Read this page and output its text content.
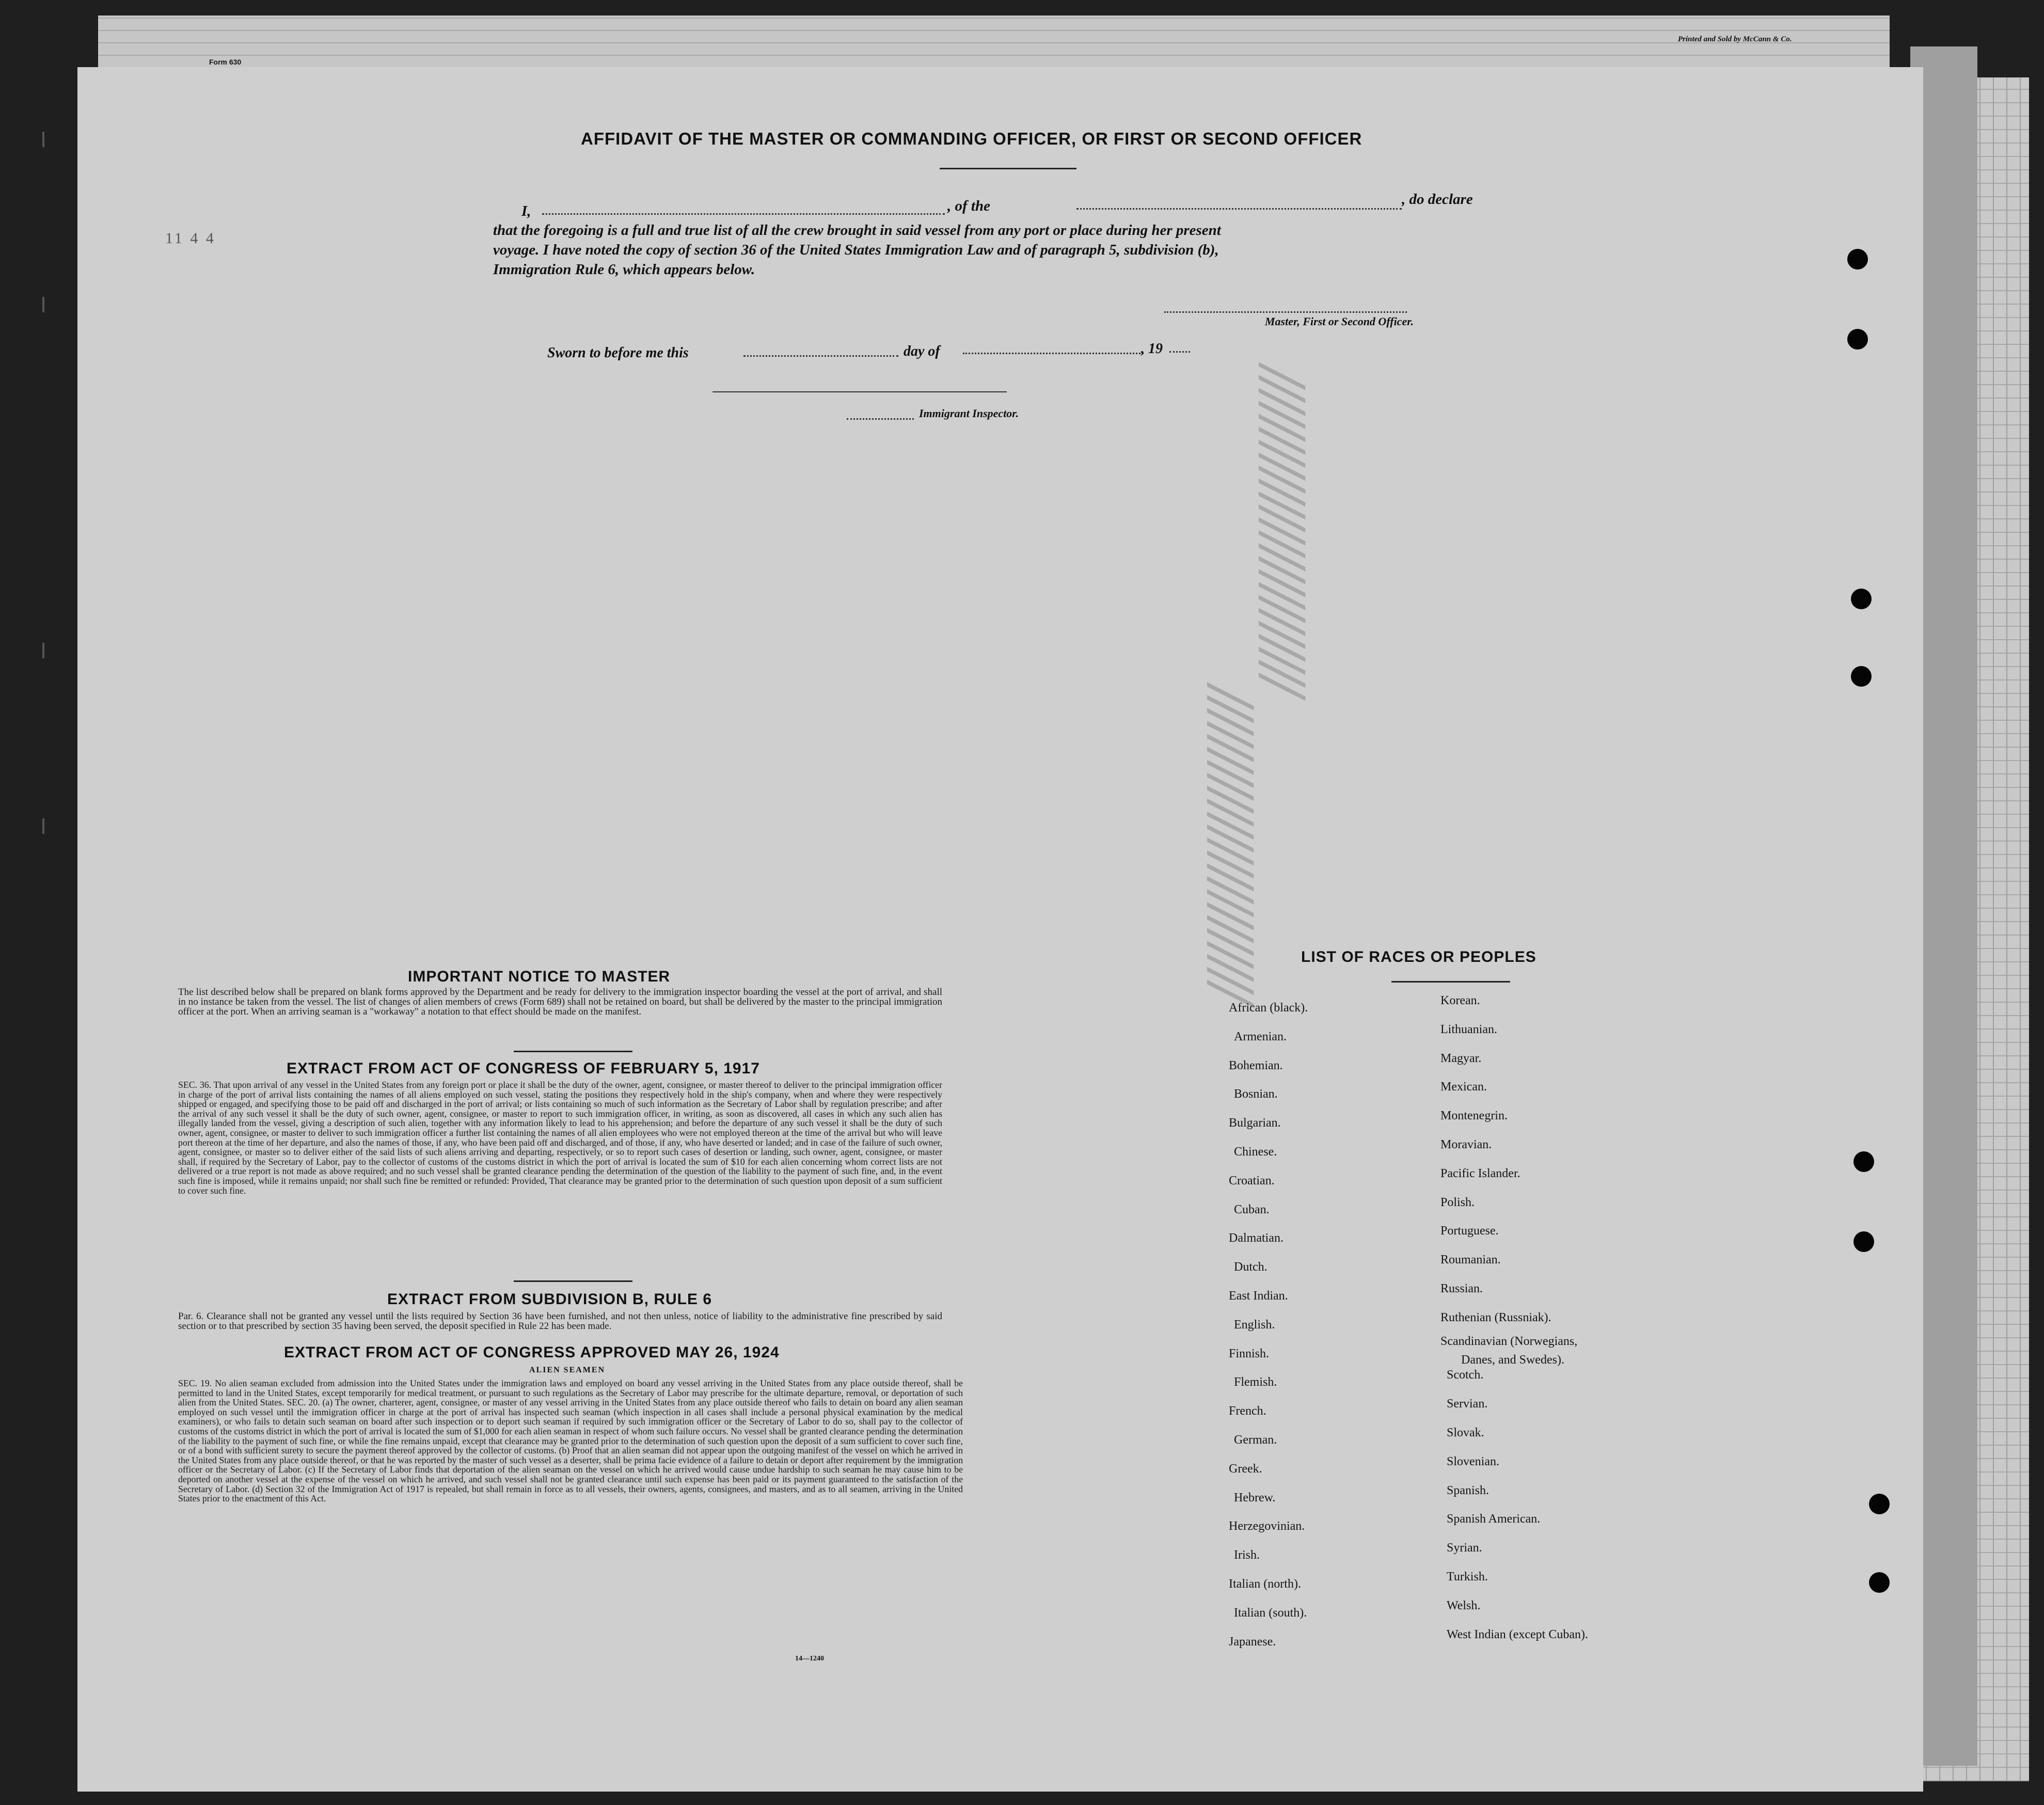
Form 630
Printed and Sold by McCann & Co.
AFFIDAVIT OF THE MASTER OR COMMANDING OFFICER, OR FIRST OR SECOND OFFICER
I,	, of the	, do declare
that the foregoing is a full and true list of all the crew brought in said vessel from any port or place during her present
voyage. I have noted the copy of section 36 of the United States Immigration Law and of paragraph 5, subdivision (b),
Immigration Rule 6, which appears below.
Master, First or Second Officer.
Sworn to before me this	day of	, 19
Immigrant Inspector.
11 4 4
/////////////////////////
////////////////////////
IMPORTANT NOTICE TO MASTER
The list described below shall be prepared on blank forms approved by the Department and be ready for delivery to the immigration inspector boarding the vessel at the port of arrival, and shall in no instance be taken from the vessel. The list of changes of alien members of crews (Form 689) shall not be retained on board, but shall be delivered by the master to the principal immigration officer at the port. When an arriving seaman is a "workaway" a notation to that effect should be made on the manifest.
EXTRACT FROM ACT OF CONGRESS OF FEBRUARY 5, 1917
SEC. 36. That upon arrival of any vessel in the United States from any foreign port or place it shall be the duty of the owner, agent, consignee, or master thereof to deliver to the principal immigration officer in charge of the port of arrival lists containing the names of all aliens employed on such vessel, stating the positions they respectively hold in the ship's company, when and where they were respectively shipped or engaged, and specifying those to be paid off and discharged in the port of arrival; or lists containing so much of such information as the Secretary of Labor shall by regulation prescribe; and after the arrival of any such vessel it shall be the duty of such owner, agent, consignee, or master to report to such immigration officer, in writing, as soon as discovered, all cases in which any such alien has illegally landed from the vessel, giving a description of such alien, together with any information likely to lead to his apprehension; and before the departure of any such vessel it shall be the duty of such owner, agent, consignee, or master to deliver to such immigration officer a further list containing the names of all alien employees who were not employed thereon at the time of the arrival but who will leave port thereon at the time of her departure, and also the names of those, if any, who have been paid off and discharged, and of those, if any, who have deserted or landed; and in case of the failure of such owner, agent, consignee, or master so to deliver either of the said lists of such aliens arriving and departing, respectively, or so to report such cases of desertion or landing, such owner, agent, consignee, or master shall, if required by the Secretary of Labor, pay to the collector of customs of the customs district in which the port of arrival is located the sum of $10 for each alien concerning whom correct lists are not delivered or a true report is not made as above required; and no such vessel shall be granted clearance pending the determination of the question of the liability to the payment of such fine, and, in the event such fine is imposed, while it remains unpaid; nor shall such fine be remitted or refunded: Provided, That clearance may be granted prior to the determination of such question upon deposit of a sum sufficient to cover such fine.
EXTRACT FROM SUBDIVISION B, RULE 6
Par. 6. Clearance shall not be granted any vessel until the lists required by Section 36 have been furnished, and not then unless, notice of liability to the administrative fine prescribed by said section or to that prescribed by section 35 having been served, the deposit specified in Rule 22 has been made.
EXTRACT FROM ACT OF CONGRESS APPROVED MAY 26, 1924
ALIEN SEAMEN
SEC. 19. No alien seaman excluded from admission into the United States under the immigration laws and employed on board any vessel arriving in the United States from any place outside thereof, shall be permitted to land in the United States, except temporarily for medical treatment, or pursuant to such regulations as the Secretary of Labor may prescribe for the ultimate departure, removal, or deportation of such alien from the United States. SEC. 20. (a) The owner, charterer, agent, consignee, or master of any vessel arriving in the United States from any place outside thereof who fails to detain on board any alien seaman employed on such vessel until the immigration officer in charge at the port of arrival has inspected such seaman (which inspection in all cases shall include a personal physical examination by the medical examiners), or who fails to detain such seaman on board after such inspection or to deport such seaman if required by such immigration officer or the Secretary of Labor to do so, shall pay to the collector of customs of the customs district in which the port of arrival is located the sum of $1,000 for each alien seaman in respect of whom such failure occurs. No vessel shall be granted clearance pending the determination of the liability to the payment of such fine, or while the fine remains unpaid, except that clearance may be granted prior to the determination of such question upon the deposit of a sum sufficient to cover such fine, or of a bond with sufficient surety to secure the payment thereof approved by the collector of customs. (b) Proof that an alien seaman did not appear upon the outgoing manifest of the vessel on which he arrived in the United States from any place outside thereof, or that he was reported by the master of such vessel as a deserter, shall be prima facie evidence of a failure to detain or deport after requirement by the immigration officer or the Secretary of Labor. (c) If the Secretary of Labor finds that deportation of the alien seaman on the vessel on which he arrived would cause undue hardship to such seaman he may cause him to be deported on another vessel at the expense of the vessel on which he arrived, and such vessel shall not be granted clearance until such expense has been paid or its payment guaranteed to the satisfaction of the Secretary of Labor. (d) Section 32 of the Immigration Act of 1917 is repealed, but shall remain in force as to all vessels, their owners, agents, consignees, and masters, and as to all seamen, arriving in the United States prior to the enactment of this Act.
14—1240
LIST OF RACES OR PEOPLES
African (black).
Armenian.
Bohemian.
Bosnian.
Bulgarian.
Chinese.
Croatian.
Cuban.
Dalmatian.
Dutch.
East Indian.
English.
Finnish.
Flemish.
French.
German.
Greek.
Hebrew.
Herzegovinian.
Irish.
Italian (north).
Italian (south).
Japanese.
Korean.
Lithuanian.
Magyar.
Mexican.
Montenegrin.
Moravian.
Pacific Islander.
Polish.
Portuguese.
Roumanian.
Russian.
Ruthenian (Russniak).
Scandinavian (Norwegians,
Danes, and Swedes).
Scotch.
Servian.
Slovak.
Slovenian.
Spanish.
Spanish American.
Syrian.
Turkish.
Welsh.
West Indian (except Cuban).
